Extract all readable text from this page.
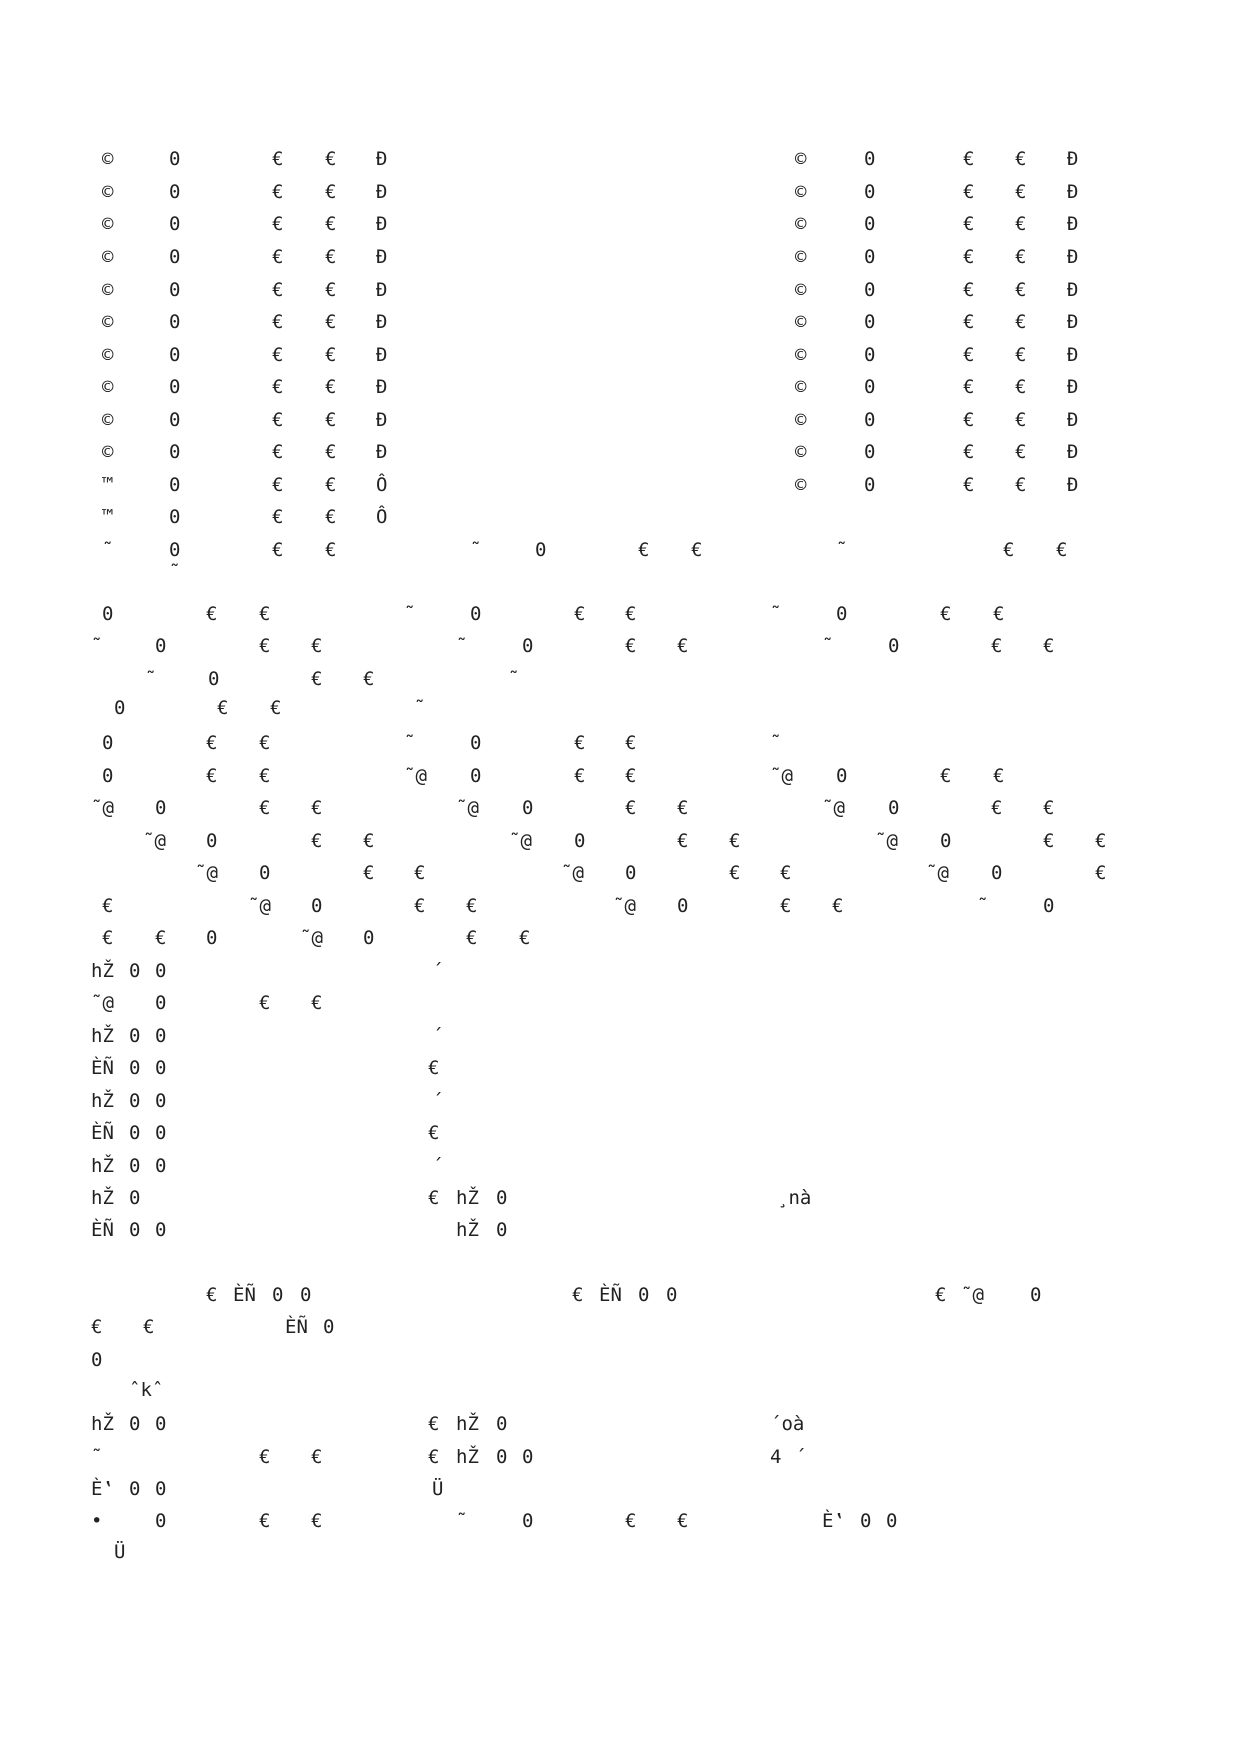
©	0	€ € Ð	©	0	€ € Ð
©	0	€ € Ð	©	0	€ € Ð
©	0	€ € Ð	©	0	€ € Ð
©	0	€ € Ð	©	0	€ € Ð
©	0	€ € Ð	©	0	€ € Ð
©	0	€ € Ð	©	0	€ € Ð
©	0	€ € Ð	©	0	€ € Ð
©	0	€ € Ð	©	0	€ € Ð
©	0	€ € Ð	©	0	€ € Ð
©	0	€ € Ð	©	0	€ € Ð
™	0	€ € Ô	©	0	€ € Ð
™	0	€ € Ô
˜	0	€ €	˜	0	€ €	˜	€ €
˜
0	€ €	˜	0	€ €	˜	0	€ €
˜	0	€ €	˜	0	€ €	˜	0	€ €
˜	0	€ €	˜
0	€ €	˜
0	€ €	˜	0	€ €	˜
0	€ €	˜@ 0	€ €	˜@ 0	€ €
˜@ 0	€ €	˜@ 0	€ €	˜@ 0	€ €
˜@ 0	€ €	˜@ 0	€ €	˜@ 0	€ €
˜@ 0	€ €	˜@ 0	€ €	˜@ 0	€
€	˜@ 0	€ €	˜@ 0	€ €	˜	0
€ € 0	˜@ 0	€ €
hŽ 0 0	´
˜@ 0	€ €
hŽ 0 0	´
ÈÑ 0 0	€
hŽ 0 0	´
ÈÑ 0 0	€
hŽ 0 0	´
hŽ 0	€ hŽ 0	¸nà
ÈÑ 0 0	hŽ 0
€ ÈÑ 0 0	€ ÈÑ 0 0	€ ˜@ 0
€ €	ÈÑ 0
0
ˆkˆ
hŽ 0 0	€ hŽ 0	´oà
˜	€ €	€ hŽ 0 0	4 ´
È‛ 0 0	Ü
•	0	€ €	˜	0	€ €	È‛ 0 0
Ü
